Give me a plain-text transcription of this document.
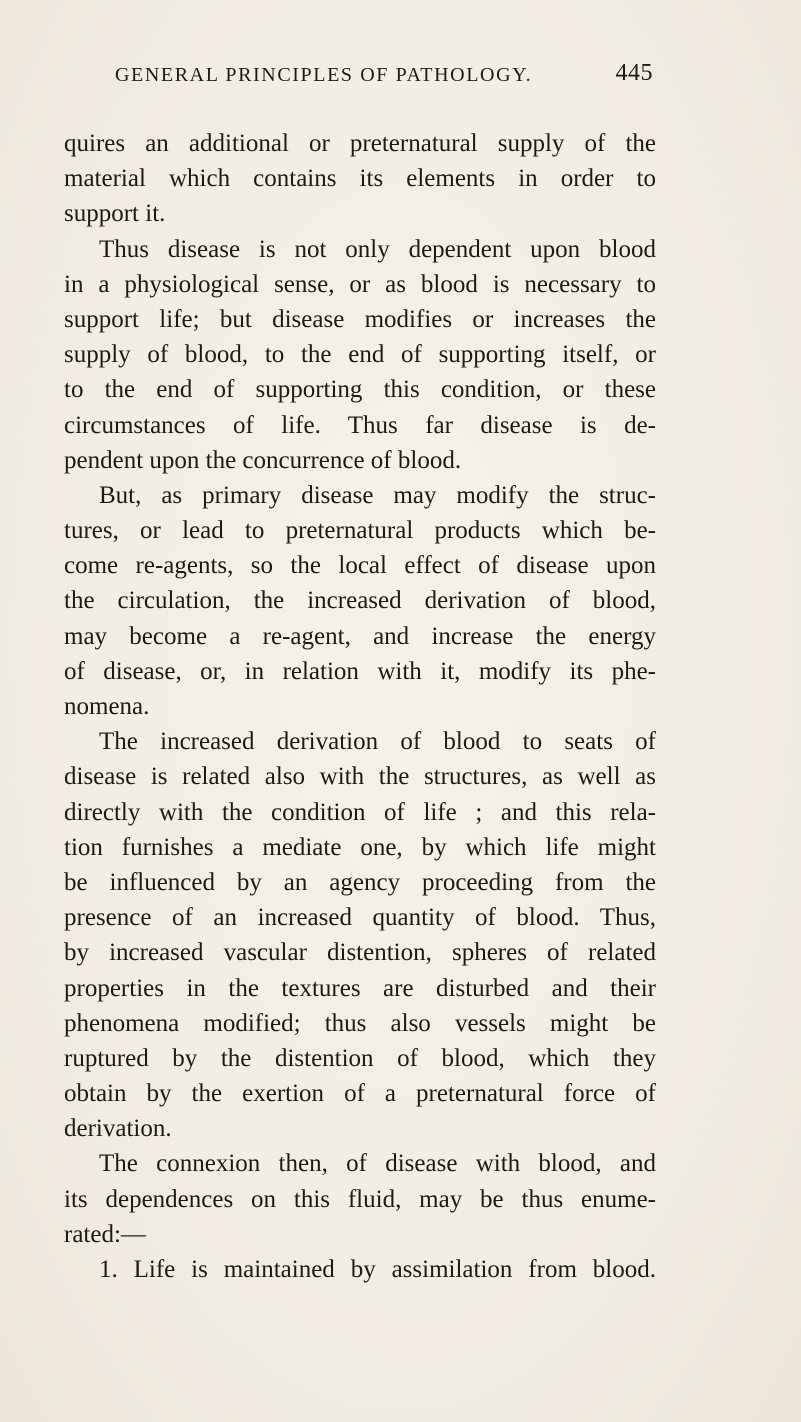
GENERAL PRINCIPLES OF PATHOLOGY.	445
quires an additional or preternatural supply of the
material which contains its elements in order to
support it.
Thus disease is not only dependent upon blood
in a physiological sense, or as blood is necessary to
support life; but disease modifies or increases the
supply of blood, to the end of supporting itself, or
to the end of supporting this condition, or these
circumstances of life. Thus far disease is de-
pendent upon the concurrence of blood.
But, as primary disease may modify the struc-
tures, or lead to preternatural products which be-
come re-agents, so the local effect of disease upon
the circulation, the increased derivation of blood,
may become a re-agent, and increase the energy
of disease, or, in relation with it, modify its phe-
nomena.
The increased derivation of blood to seats of
disease is related also with the structures, as well as
directly with the condition of life ; and this rela-
tion furnishes a mediate one, by which life might
be influenced by an agency proceeding from the
presence of an increased quantity of blood. Thus,
by increased vascular distention, spheres of related
properties in the textures are disturbed and their
phenomena modified; thus also vessels might be
ruptured by the distention of blood, which they
obtain by the exertion of a preternatural force of
derivation.
The connexion then, of disease with blood, and
its dependences on this fluid, may be thus enume-
rated:—
1. Life is maintained by assimilation from blood.
